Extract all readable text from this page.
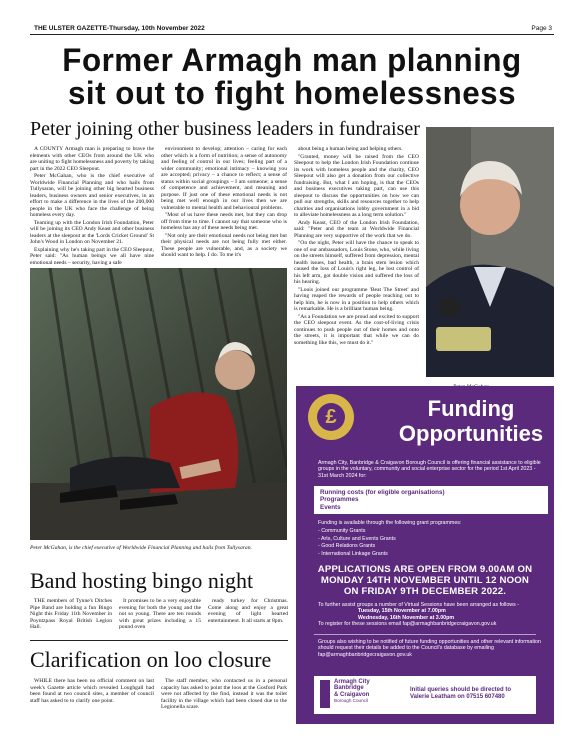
THE ULSTER GAZETTE-Thursday, 10th November 2022	Page 3
Former Armagh man planning
sit out to fight homelessness
Peter joining other business leaders in fundraiser

A COUNTY Armagh man is preparing to brave the elements with other CEOs from around the UK who are uniting to fight homelessness and poverty by taking part in the 2022 CEO Sleepout.

Peter McGahan, who is the chief executive of Worldwide Financial Planning and who hails from Tullysaran, will be joining other big hearted business leaders, business owners and senior executives, in an effort to make a difference in the lives of the 200,000 people in the UK who face the challenge of being homeless every day.

Teaming up with the London Irish Foundation, Peter will be joining its CEO Andy Keast and other business leaders at the sleepout at the 'Lords Cricket Ground' St John's Wood in London on November 21.

Explaining why he's taking part in the CEO Sleepout, Peter said: "As human beings we all have nine emotional needs – security, having a safe

environment to develop; attention – caring for each other which is a form of nutrition; a sense of autonomy and feeling of control in our lives; feeling part of a wider community; emotional intimacy – knowing you are accepted; privacy – a chance to reflect; a sense of status within social groupings – I am someone; a sense of competence and achievement, and meaning and purpose. If just one of these emotional needs is not being met well enough in our lives then we are vulnerable to mental health and behavioural problems.

"Most of us have these needs met, but they can drop off from time to time. I cannot say that someone who is homeless has any of these needs being met.

"Not only are their emotional needs not being met but their physical needs are not being fully met either. These people are vulnerable, and, as a society we should want to help. I do. To me it's

about being a human being and helping others.

"Granted, money will be raised from the CEO Sleepout to help the London Irish Foundation continue its work with homeless people and the charity, CEO Sleepout will also get a donation from our collective fundraising. But, what I am hoping, is that the CEOs and business executives taking part, can use this sleepout to discuss the opportunities on how we can pull our strengths, skills and resources together to help charities and organisations lobby government in a bid to alleviate homelessness as a long term solution."

Andy Keast, CEO of the London Irish Foundation, said: "Peter and the team at Worldwide Financial Planning are very supportive of the work that we do.

"On the night, Peter will have the chance to speak to one of our ambassadors, Louis Stone, who, while living on the streets himself, suffered from depression, mental health issues, bad health, a brain stem lesion which caused the loss of Louis's right leg, he lost control of his left arm, got double vision and suffered the loss of his hearing.

"Louis joined our programme 'Beat The Street' and having reaped the rewards of people reaching out to help him, he is now in a position to help others which is remarkable. He is a brilliant human being.

"As a Foundation we are proud and excited to support the CEO sleepout event. As the cost-of-living crisis continues to push people out of their homes and onto the streets, it is important that while we can do something like this, we must do it."

Peter McGahan, is the chief executive of Worldwide Financial Planning and hails from Tullysaran.
Band hosting bingo night

THE members of Tynne's Ditches Pipe Band are holding a fun Bingo Night this Friday 11th November in Poyntzpass Royal British Legion Hall.

It promises to be a very enjoyable evening for both the young and the not so young. There are ten rounds with great prizes including a 15 pound oven

ready turkey for Christmas. Come along and enjoy a great evening of light hearted entertainment. It all starts at 8pm.

Clarification on loo closure

WHILE there has been no official comment on last week's Gazette article which revealed Loughgall had been found at two council sites, a member of council staff has asked to to clarify one point.

The staff member, who contacted us in a personal capacity has asked to point the loos at the Gosford Park were not affected by the find, instead it was the toilet facility in the village which had been closed due to the Legionella scare.

£	Funding
Opportunities
Armagh City, Banbridge & Craigavon Borough Council is offering financial assistance to eligible groups in the voluntary, community and social enterprise sector for the period 1st April 2023 - 31st March 2024 for:
Running costs (for eligible organisations)
Programmes
Events
Funding is available through the following grant programmes:
- Community Grants
- Arts, Culture and Events Grants
- Good Relations Grants
- International Linkage Grants
APPLICATIONS ARE OPEN FROM 9.00AM ON
MONDAY 14TH NOVEMBER UNTIL 12 NOON
ON FRIDAY 9TH DECEMBER 2022.
To further assist groups a number of Virtual Sessions have been arranged as follows -
Tuesday, 15th November at 7.00pm
Wednesday, 16th November at 3.00pm
To register for these sessions email fap@armaghbanbridgecraigavon.gov.uk
Groups also wishing to be notified of future funding opportunities and other relevant information should request their details be added to the Council's database by emailing fap@armaghbanbridgecraigavon.gov.uk
Armagh City
Banbridge
& Craigavon
Borough Council
Initial queries should be directed to
Valerie Leatham on 07515 607480
